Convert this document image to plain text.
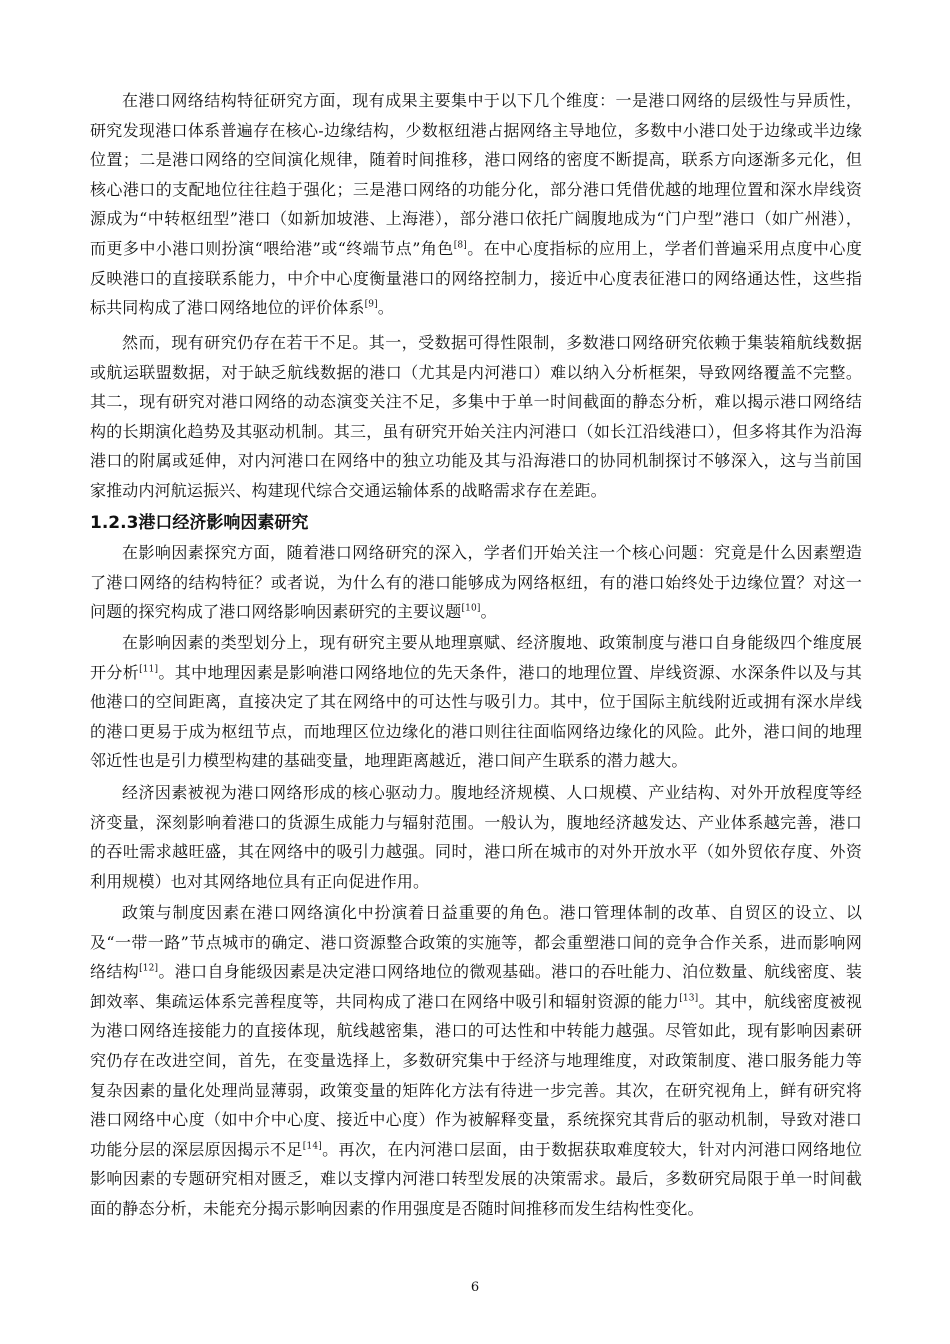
在港口网络结构特征研究方面，现有成果主要集中于以下几个维度：一是港口网络的层级性与异质性，研究发现港口体系普遍存在核心-边缘结构，少数枢纽港占据网络主导地位，多数中小港口处于边缘或半边缘位置；二是港口网络的空间演化规律，随着时间推移，港口网络的密度不断提高，联系方向逐渐多元化，但核心港口的支配地位往往趋于强化；三是港口网络的功能分化，部分港口凭借优越的地理位置和深水岸线资源成为“中转枢纽型”港口（如新加坡港、上海港），部分港口依托广阔腹地成为“门户型”港口（如广州港），而更多中小港口则扮演“喂给港”或“终端节点”角色[8]。在中心度指标的应用上，学者们普遍采用点度中心度反映港口的直接联系能力，中介中心度衡量港口的网络控制力，接近中心度表征港口的网络通达性，这些指标共同构成了港口网络地位的评价体系[9]。

然而，现有研究仍存在若干不足。其一，受数据可得性限制，多数港口网络研究依赖于集装箱航线数据或航运联盟数据，对于缺乏航线数据的港口（尤其是内河港口）难以纳入分析框架，导致网络覆盖不完整。其二，现有研究对港口网络的动态演变关注不足，多集中于单一时间截面的静态分析，难以揭示港口网络结构的长期演化趋势及其驱动机制。其三，虽有研究开始关注内河港口（如长江沿线港口），但多将其作为沿海港口的附属或延伸，对内河港口在网络中的独立功能及其与沿海港口的协同机制探讨不够深入，这与当前国家推动内河航运振兴、构建现代综合交通运输体系的战略需求存在差距。

1.2.3港口经济影响因素研究

在影响因素探究方面，随着港口网络研究的深入，学者们开始关注一个核心问题：究竟是什么因素塑造了港口网络的结构特征？或者说，为什么有的港口能够成为网络枢纽，有的港口始终处于边缘位置？对这一问题的探究构成了港口网络影响因素研究的主要议题[10]。

在影响因素的类型划分上，现有研究主要从地理禀赋、经济腹地、政策制度与港口自身能级四个维度展开分析[11]。其中地理因素是影响港口网络地位的先天条件，港口的地理位置、岸线资源、水深条件以及与其他港口的空间距离，直接决定了其在网络中的可达性与吸引力。其中，位于国际主航线附近或拥有深水岸线的港口更易于成为枢纽节点，而地理区位边缘化的港口则往往面临网络边缘化的风险。此外，港口间的地理邻近性也是引力模型构建的基础变量，地理距离越近，港口间产生联系的潜力越大。

经济因素被视为港口网络形成的核心驱动力。腹地经济规模、人口规模、产业结构、对外开放程度等经济变量，深刻影响着港口的货源生成能力与辐射范围。一般认为，腹地经济越发达、产业体系越完善，港口的吞吐需求越旺盛，其在网络中的吸引力越强。同时，港口所在城市的对外开放水平（如外贸依存度、外资利用规模）也对其网络地位具有正向促进作用。

政策与制度因素在港口网络演化中扮演着日益重要的角色。港口管理体制的改革、自贸区的设立、以及“一带一路”节点城市的确定、港口资源整合政策的实施等，都会重塑港口间的竞争合作关系，进而影响网络结构[12]。港口自身能级因素是决定港口网络地位的微观基础。港口的吞吐能力、泊位数量、航线密度、装卸效率、集疏运体系完善程度等，共同构成了港口在网络中吸引和辐射资源的能力[13]。其中，航线密度被视为港口网络连接能力的直接体现，航线越密集，港口的可达性和中转能力越强。尽管如此，现有影响因素研究仍存在改进空间，首先，在变量选择上，多数研究集中于经济与地理维度，对政策制度、港口服务能力等复杂因素的量化处理尚显薄弱，政策变量的矩阵化方法有待进一步完善。其次，在研究视角上，鲜有研究将港口网络中心度（如中介中心度、接近中心度）作为被解释变量，系统探究其背后的驱动机制，导致对港口功能分层的深层原因揭示不足[14]。再次，在内河港口层面，由于数据获取难度较大，针对内河港口网络地位影响因素的专题研究相对匮乏，难以支撑内河港口转型发展的决策需求。最后，多数研究局限于单一时间截面的静态分析，未能充分揭示影响因素的作用强度是否随时间推移而发生结构性变化。

6
